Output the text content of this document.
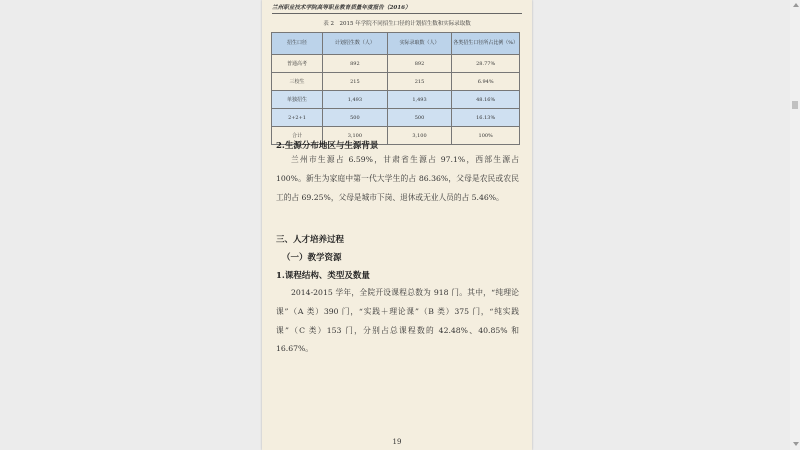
兰州职业技术学院高等职业教育质量年度报告（2016）
表 2　2015 年学院不同招生口径的计划招生数和实际录取数
招生口径	计划招生数（人）	实际录取数（人）	各类招生口径所占比例（%）
普通高考	892	892	28.77%
三校生	215	215	6.94%
单独招生	1,493	1,493	48.16%
2+2+1	500	500	16.13%
合计	3,100	3,100	100%
2.生源分布地区与生源背景
兰州市生源占 6.59%，甘肃省生源占 97.1%，西部生源占 100%。新生为家庭中第一代大学生的占 86.36%，父母是农民或农民工的占 69.25%，父母是城市下岗、退休或无业人员的占 5.46%。
三、人才培养过程
（一）教学资源
1.课程结构、类型及数量
2014-2015 学年，全院开设课程总数为 918 门。其中，“纯理论课”（A 类）390 门，“实践＋理论课”（B 类）375 门，“纯实践课”（C 类）153 门，分别占总课程数的 42.48%、40.85% 和 16.67%。
19
